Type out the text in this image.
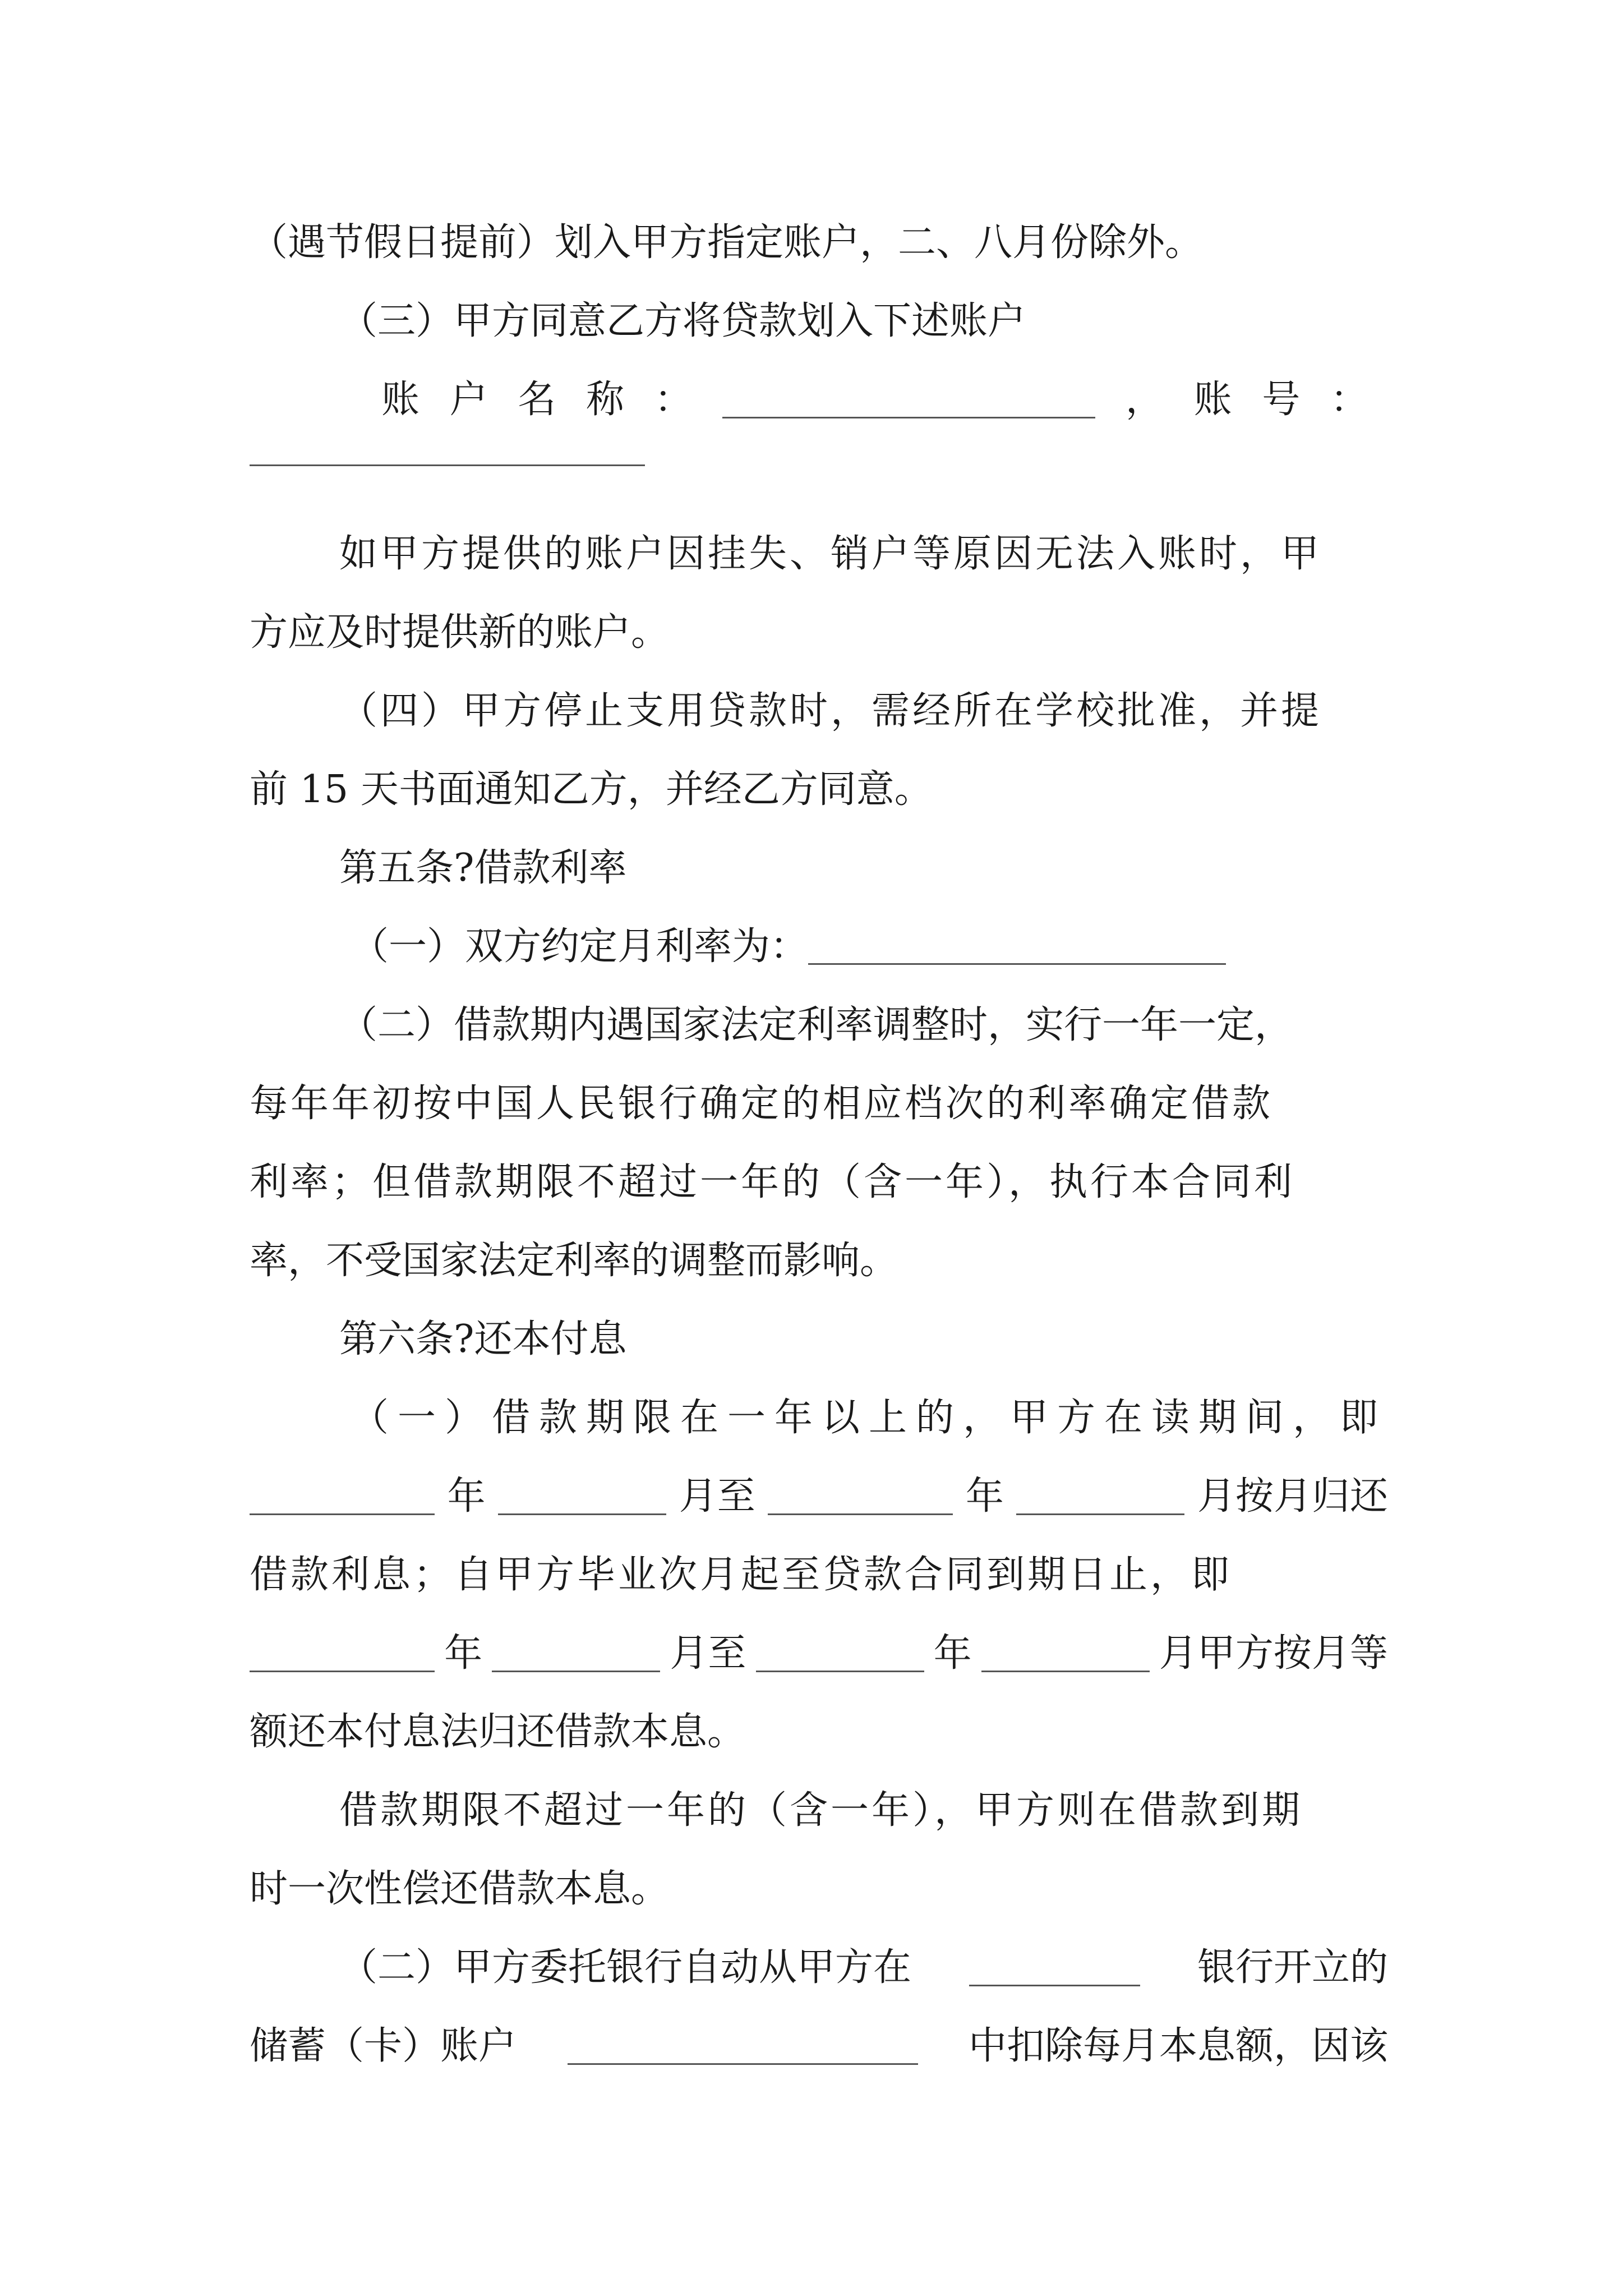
（遇节假日提前）划入甲方指定账户，二、八月份除外。
（三）甲方同意乙方将贷款划入下述账户
账 户 名 称 ：	， 账 号 ：
如甲方提供的账户因挂失、销户等原因无法入账时，甲
方应及时提供新的账户。
（四）甲方停止支用贷款时，需经所在学校批准，并提
前 15 天书面通知乙方，并经乙方同意。
第五条?借款利率
（一）双方约定月利率为：
（二）借款期内遇国家法定利率调整时，实行一年一定，
每年年初按中国人民银行确定的相应档次的利率确定借款
利率；但借款期限不超过一年的（含一年），执行本合同利
率，不受国家法定利率的调整而影响。
第六条?还本付息
（一）借款期限在一年以上的，甲方在读期间，即
年	月至	年	月按月归还
借款利息；自甲方毕业次月起至贷款合同到期日止，即
年	月至	年	月甲方按月等
额还本付息法归还借款本息。
借款期限不超过一年的（含一年），甲方则在借款到期
时一次性偿还借款本息。
（二）甲方委托银行自动从甲方在	银行开立的
储蓄（卡）账户	中扣除每月本息额，因该
